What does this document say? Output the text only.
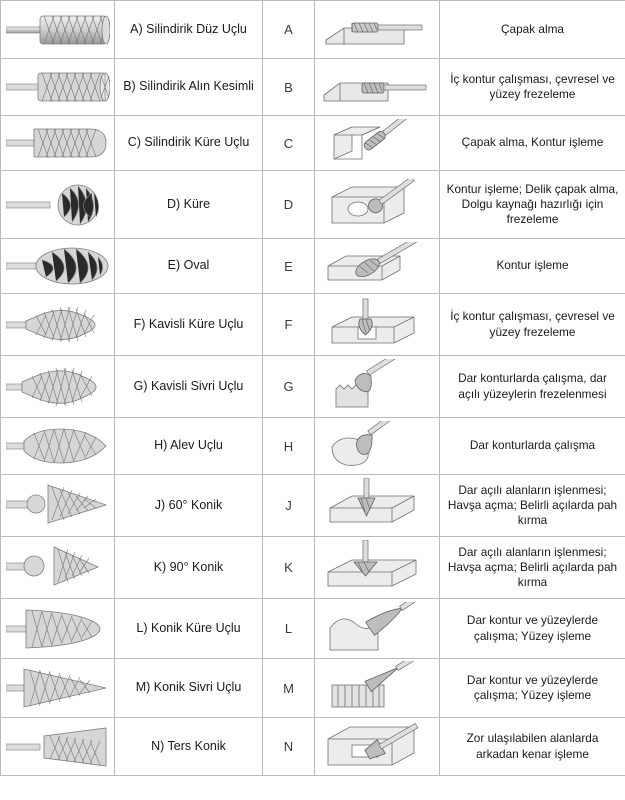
A) Silindirik Düz Uçlu	A		Çapak alma

B) Silindirik Alın Kesimli	B		İç kontur çalışması, çevresel ve yüzey frezeleme

C) Silindirik Küre Uçlu	C		Çapak alma, Kontur işleme

D) Küre	D		Kontur işleme; Delik çapak alma, Dolgu kaynağı hazırlığı için frezeleme

E) Oval	E		Kontur işleme

F) Kavisli Küre Uçlu	F		İç kontur çalışması, çevresel ve yüzey frezeleme

G) Kavisli Sivri Uçlu	G		Dar konturlarda çalışma, dar açılı yüzeylerin frezelenmesi

H) Alev Uçlu	H		Dar konturlarda çalışma

J) 60° Konik	J		Dar açılı alanların işlenmesi; Havşa açma; Belirli açılarda pah kırma

K) 90° Konik	K		Dar açılı alanların işlenmesi; Havşa açma; Belirli açılarda pah kırma

L) Konik Küre Uçlu	L		Dar kontur ve yüzeylerde çalışma; Yüzey işleme

M) Konik Sivri Uçlu	M		Dar kontur ve yüzeylerde çalışma; Yüzey işleme

N) Ters Konik	N		Zor ulaşılabilen alanlarda arkadan kenar işleme
